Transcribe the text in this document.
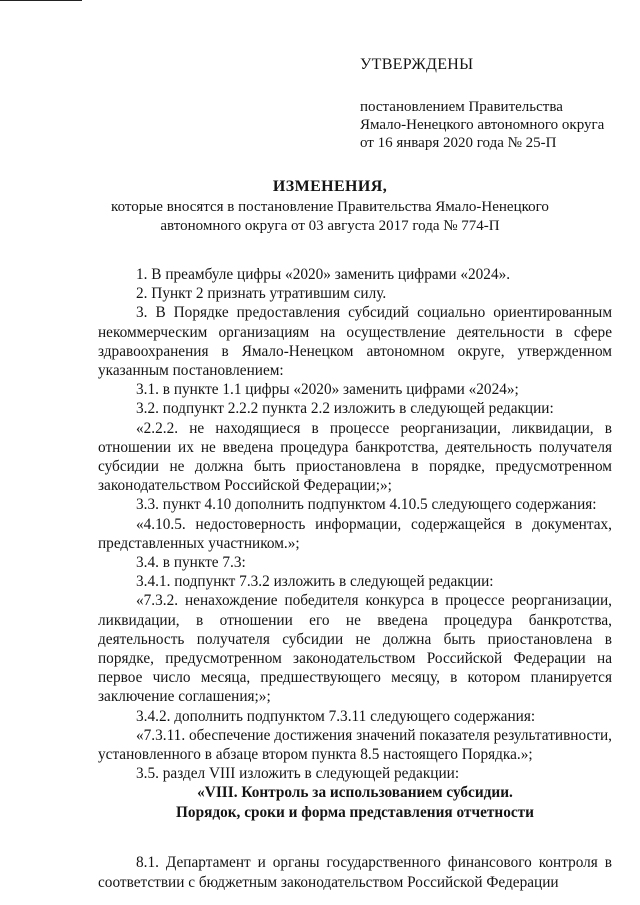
УТВЕРЖДЕНЫ

постановлением Правительства

Ямало-Ненецкого автономного округа

от 16 января 2020 года № 25-П

ИЗМЕНЕНИЯ,

которые вносятся в постановление Правительства Ямало-Ненецкого

автономного округа от 03 августа 2017 года № 774-П

1. В преамбуле цифры «2020» заменить цифрами «2024».

2. Пункт 2 признать утратившим силу.

3. В Порядке предоставления субсидий социально ориентированным некоммерческим организациям на осуществление деятельности в сфере здравоохранения в Ямало-Ненецком автономном округе, утвержденном указанным постановлением:

3.1. в пункте 1.1 цифры «2020» заменить цифрами «2024»;

3.2. подпункт 2.2.2 пункта 2.2 изложить в следующей редакции:

«2.2.2. не находящиеся в процессе реорганизации, ликвидации, в отношении их не введена процедура банкротства, деятельность получателя субсидии не должна быть приостановлена в порядке, предусмотренном законодательством Российской Федерации;»;

3.3. пункт 4.10 дополнить подпунктом 4.10.5 следующего содержания:

«4.10.5. недостоверность информации, содержащейся в документах, представленных участником.»;

3.4. в пункте 7.3:

3.4.1. подпункт 7.3.2 изложить в следующей редакции:

«7.3.2. ненахождение победителя конкурса в процессе реорганизации, ликвидации, в отношении его не введена процедура банкротства, деятельность получателя субсидии не должна быть приостановлена в порядке, предусмотренном законодательством Российской Федерации на первое число месяца, предшествующего месяцу, в котором планируется заключение соглашения;»;

3.4.2. дополнить подпунктом 7.3.11 следующего содержания:

«7.3.11. обеспечение достижения значений показателя результативности, установленного в абзаце втором пункта 8.5 настоящего Порядка.»;

3.5. раздел VIII изложить в следующей редакции:

«VIII. Контроль за использованием субсидии.

Порядок, сроки и форма представления отчетности

8.1. Департамент и органы государственного финансового контроля в соответствии с бюджетным законодательством Российской Федерации
